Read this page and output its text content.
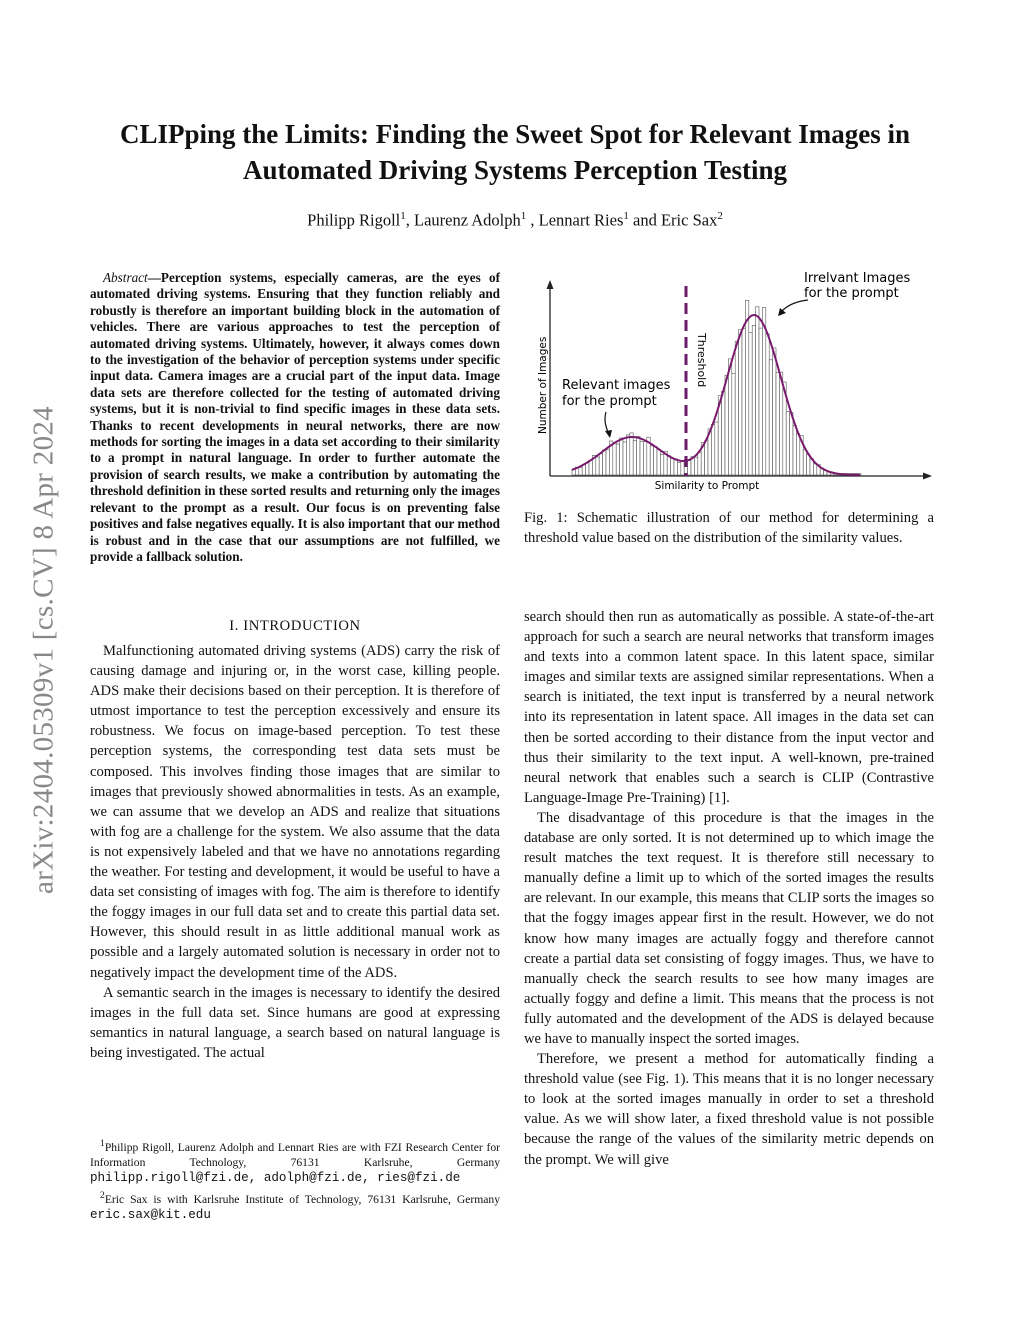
arXiv:2404.05309v1 [cs.CV] 8 Apr 2024
CLIPping the Limits: Finding the Sweet Spot for Relevant Images in Automated Driving Systems Perception Testing
Philipp Rigoll$^1$, Laurenz Adolph$^1$ , Lennart Ries$^1$ and Eric Sax$^2$
Abstract—Perception systems, especially cameras, are the eyes of automated driving systems. Ensuring that they function reliably and robustly is therefore an important building block in the automation of vehicles. There are various approaches to test the perception of automated driving systems. Ultimately, however, it always comes down to the investigation of the behavior of perception systems under specific input data. Camera images are a crucial part of the input data. Image data sets are therefore collected for the testing of automated driving systems, but it is non-trivial to find specific images in these data sets. Thanks to recent developments in neural networks, there are now methods for sorting the images in a data set according to their similarity to a prompt in natural language. In order to further automate the provision of search results, we make a contribution by automating the threshold definition in these sorted results and returning only the images relevant to the prompt as a result. Our focus is on preventing false positives and false negatives equally. It is also important that our method is robust and in the case that our assumptions are not fulfilled, we provide a fallback solution.
I. INTRODUCTION

Malfunctioning automated driving systems (ADS) carry the risk of causing damage and injuring or, in the worst case, killing people. ADS make their decisions based on their perception. It is therefore of utmost importance to test the perception excessively and ensure its robustness. We focus on image-based perception. To test these perception systems, the corresponding test data sets must be composed. This involves finding those images that are similar to images that previously showed abnormalities in tests. As an example, we can assume that we develop an ADS and realize that situations with fog are a challenge for the system. We also assume that the data is not expensively labeled and that we have no annotations regarding the weather. For testing and development, it would be useful to have a data set consisting of images with fog. The aim is therefore to identify the foggy images in our full data set and to create this partial data set. However, this should result in as little additional manual work as possible and a largely automated solution is necessary in order not to negatively impact the development time of the ADS.

A semantic search in the images is necessary to identify the desired images in the full data set. Since humans are good at expressing semantics in natural language, a search based on natural language is being investigated. The actual

$^1$Philipp Rigoll, Laurenz Adolph and Lennart Ries are with FZI Research Center for Information Technology, 76131 Karlsruhe, Germany philipp.rigoll@fzi.de, adolph@fzi.de, ries@fzi.de

$^2$Eric Sax is with Karlsruhe Institute of Technology, 76131 Karlsruhe, Germany eric.sax@kit.edu

Threshold
Number of Images
Similarity to Prompt
Relevant images
for the prompt
Irrelvant Images
for the prompt
Fig. 1: Schematic illustration of our method for determining a threshold value based on the distribution of the similarity values.

search should then run as automatically as possible. A state-of-the-art approach for such a search are neural networks that transform images and texts into a common latent space. In this latent space, similar images and similar texts are assigned similar representations. When a search is initiated, the text input is transferred by a neural network into its representation in latent space. All images in the data set can then be sorted according to their distance from the input vector and thus their similarity to the text input. A well-known, pre-trained neural network that enables such a search is CLIP (Contrastive Language-Image Pre-Training) [1].

The disadvantage of this procedure is that the images in the database are only sorted. It is not determined up to which image the result matches the text request. It is therefore still necessary to manually define a limit up to which of the sorted images the results are relevant. In our example, this means that CLIP sorts the images so that the foggy images appear first in the result. However, we do not know how many images are actually foggy and therefore cannot create a partial data set consisting of foggy images. Thus, we have to manually check the search results to see how many images are actually foggy and define a limit. This means that the process is not fully automated and the development of the ADS is delayed because we have to manually inspect the sorted images.

Therefore, we present a method for automatically finding a threshold value (see Fig. 1). This means that it is no longer necessary to look at the sorted images manually in order to set a threshold value. As we will show later, a fixed threshold value is not possible because the range of the values of the similarity metric depends on the prompt. We will give
